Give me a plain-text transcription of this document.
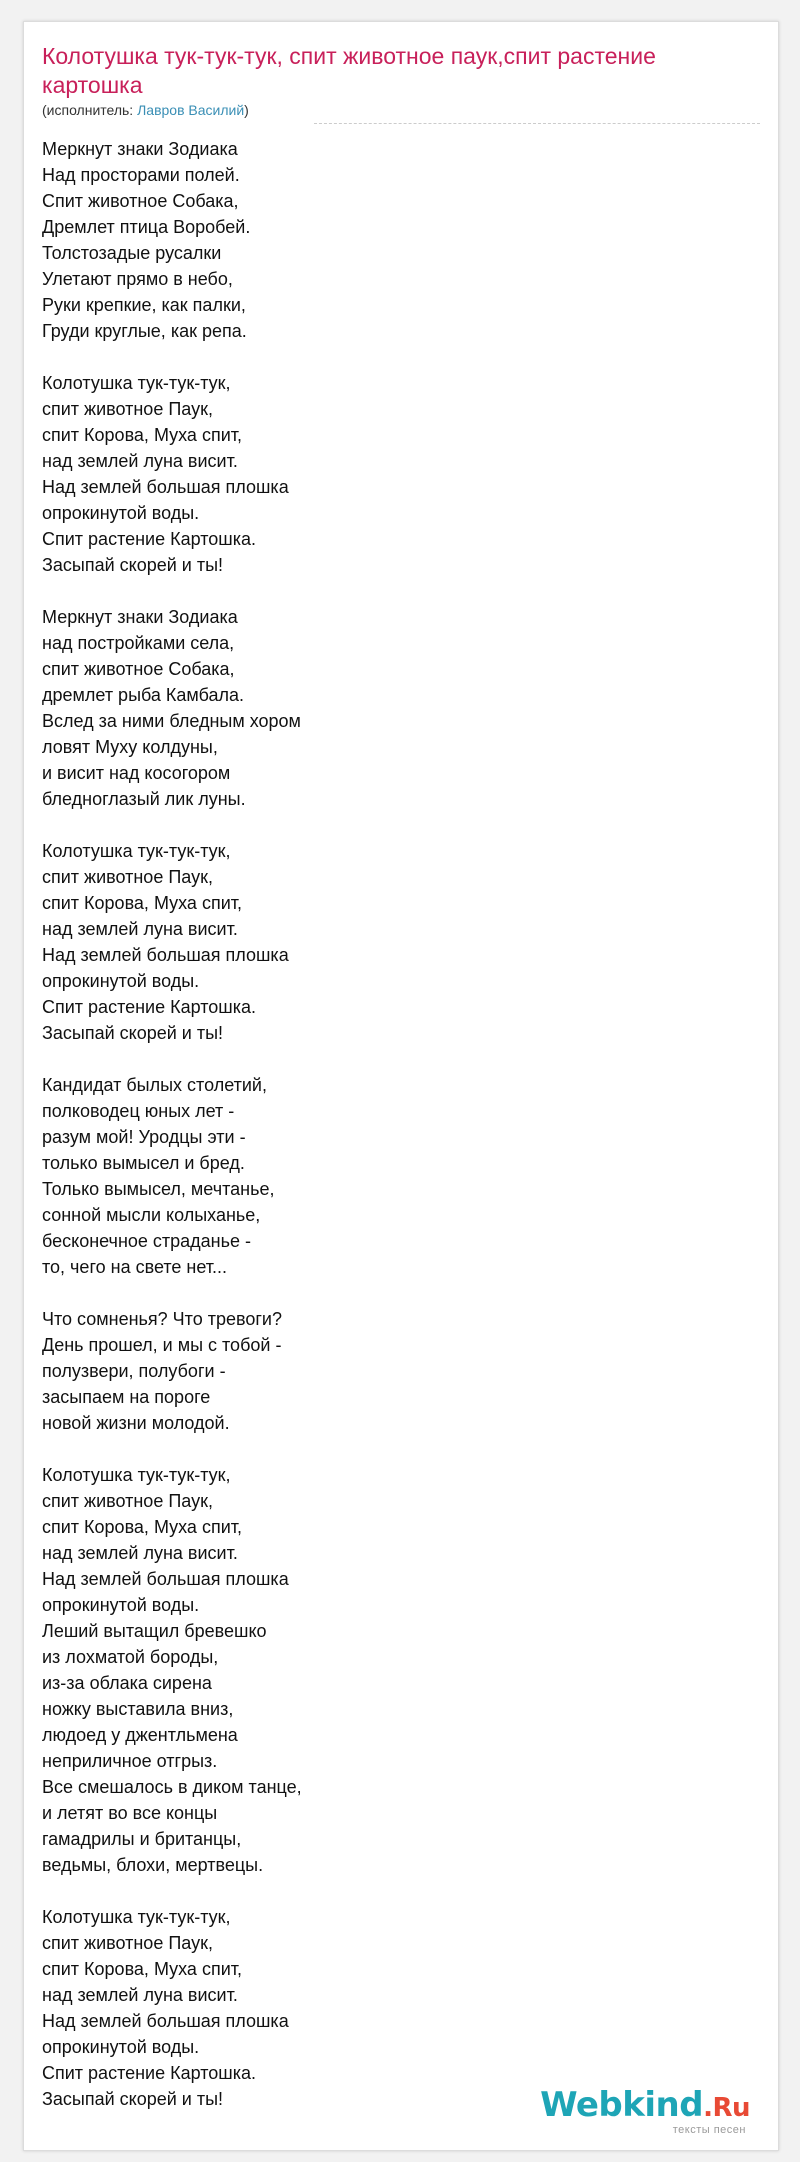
Колотушка тук-тук-тук, спит животное паук,спит растение картошка
(исполнитель: Лавров Василий)
Меркнут знаки Зодиака
Над просторами полей.
Спит животное Собака,
Дремлет птица Воробей.
Толстозадые русалки
Улетают прямо в небо,
Руки крепкие, как палки,
Груди круглые, как репа.
Колотушка тук-тук-тук,
спит животное Паук,
спит Корова, Муха спит,
над землей луна висит.
Над землей большая плошка
опрокинутой воды.
Спит растение Картошка.
Засыпай скорей и ты!
Меркнут знаки Зодиака
над постройками села,
спит животное Собака,
дремлет рыба Камбала.
Вслед за ними бледным хором
ловят Муху колдуны,
и висит над косогором
бледноглазый лик луны.
Колотушка тук-тук-тук,
спит животное Паук,
спит Корова, Муха спит,
над землей луна висит.
Над землей большая плошка
опрокинутой воды.
Спит растение Картошка.
Засыпай скорей и ты!
Кандидат былых столетий,
полководец юных лет -
разум мой! Уродцы эти -
только вымысел и бред.
Только вымысел, мечтанье,
сонной мысли колыханье,
бесконечное страданье -
то, чего на свете нет...
Что сомненья? Что тревоги?
День прошел, и мы с тобой -
полузвери, полубоги -
засыпаем на пороге
новой жизни молодой.
Колотушка тук-тук-тук,
спит животное Паук,
спит Корова, Муха спит,
над землей луна висит.
Над землей большая плошка
опрокинутой воды.
Леший вытащил бревешко
из лохматой бороды,
из-за облака сирена
ножку выставила вниз,
людоед у джентльмена
неприличное отгрыз.
Все смешалось в диком танце,
и летят во все концы
гамадрилы и британцы,
ведьмы, блохи, мертвецы.
Колотушка тук-тук-тук,
спит животное Паук,
спит Корова, Муха спит,
над землей луна висит.
Над землей большая плошка
опрокинутой воды.
Спит растение Картошка.
Засыпай скорей и ты!	Webkind.Ru
тексты песен
